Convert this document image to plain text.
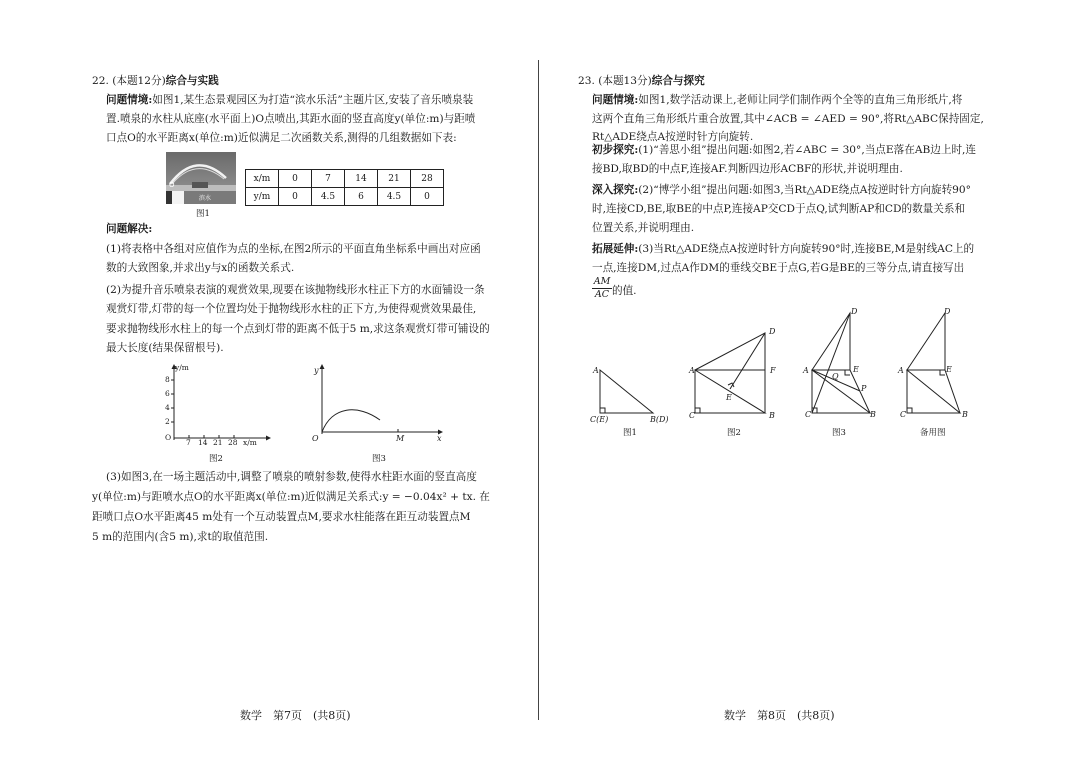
22. (本题12分)综合与实践
问题情境:如图1,某生态景观园区为打造“滨水乐活”主题片区,安装了音乐喷泉装
置.喷泉的水柱从底座(水平面上)O点喷出,其距水面的竖直高度y(单位:m)与距喷
口点O的水平距离x(单位:m)近似满足二次函数关系,测得的几组数据如下表:
O
滨水
图1
x/m	0	7	14	21	28
y/m	0	4.5	6	4.5	0
问题解决:
(1)将表格中各组对应值作为点的坐标,在图2所示的平面直角坐标系中画出对应函
数的大致图象,并求出y与x的函数关系式.
(2)为提升音乐喷泉表演的观赏效果,现要在该抛物线形水柱正下方的水面铺设一条
观赏灯带,灯带的每一个位置均处于抛物线形水柱的正下方,为使得观赏效果最佳,
要求抛物线形水柱上的每一个点到灯带的距离不低于5 m,求这条观赏灯带可铺设的
最大长度(结果保留根号).
y/m
8
6
4
2
O
7 14 21 28 x/m
图2
y
O	M	x
图3
(3)如图3,在一场主题活动中,调整了喷泉的喷射参数,使得水柱距水面的竖直高度
y(单位:m)与距喷水点O的水平距离x(单位:m)近似满足关系式:y = −0.04x² + tx. 在
距喷口点O水平距离45 m处有一个互动装置点M,要求水柱能落在距互动装置点M
5 m的范围内(含5 m),求t的取值范围.
数学　第7页　(共8页)
23. (本题13分)综合与探究
问题情境:如图1,数学活动课上,老师让同学们制作两个全等的直角三角形纸片,将
这两个直角三角形纸片重合放置,其中∠ACB = ∠AED = 90°,将Rt△ABC保持固定,
Rt△ADE绕点A按逆时针方向旋转.
初步探究:(1)“善思小组”提出问题:如图2,若∠ABC = 30°,当点E落在AB边上时,连
接BD,取BD的中点F,连接AF.判断四边形ACBF的形状,并说明理由.
深入探究:(2)“博学小组”提出问题:如图3,当Rt△ADE绕点A按逆时针方向旋转90°
时,连接CD,BE,取BE的中点P,连接AP交CD于点Q,试判断AP和CD的数量关系和
位置关系,并说明理由.
拓展延伸:(3)当Rt△ADE绕点A按逆时针方向旋转90°时,连接BE,M是射线AC上的
一点,连接DM,过点A作DM的垂线交BE于点G,若G是BE的三等分点,请直接写出
$\frac{AM}{AC}$ 的值.
A
C(E)	B(D)
图1
A
D
F
E
C	B
图2
A
D
Q
E
P
C	B
图3
A
D
E
C	B
备用图
数学　第8页　(共8页)
